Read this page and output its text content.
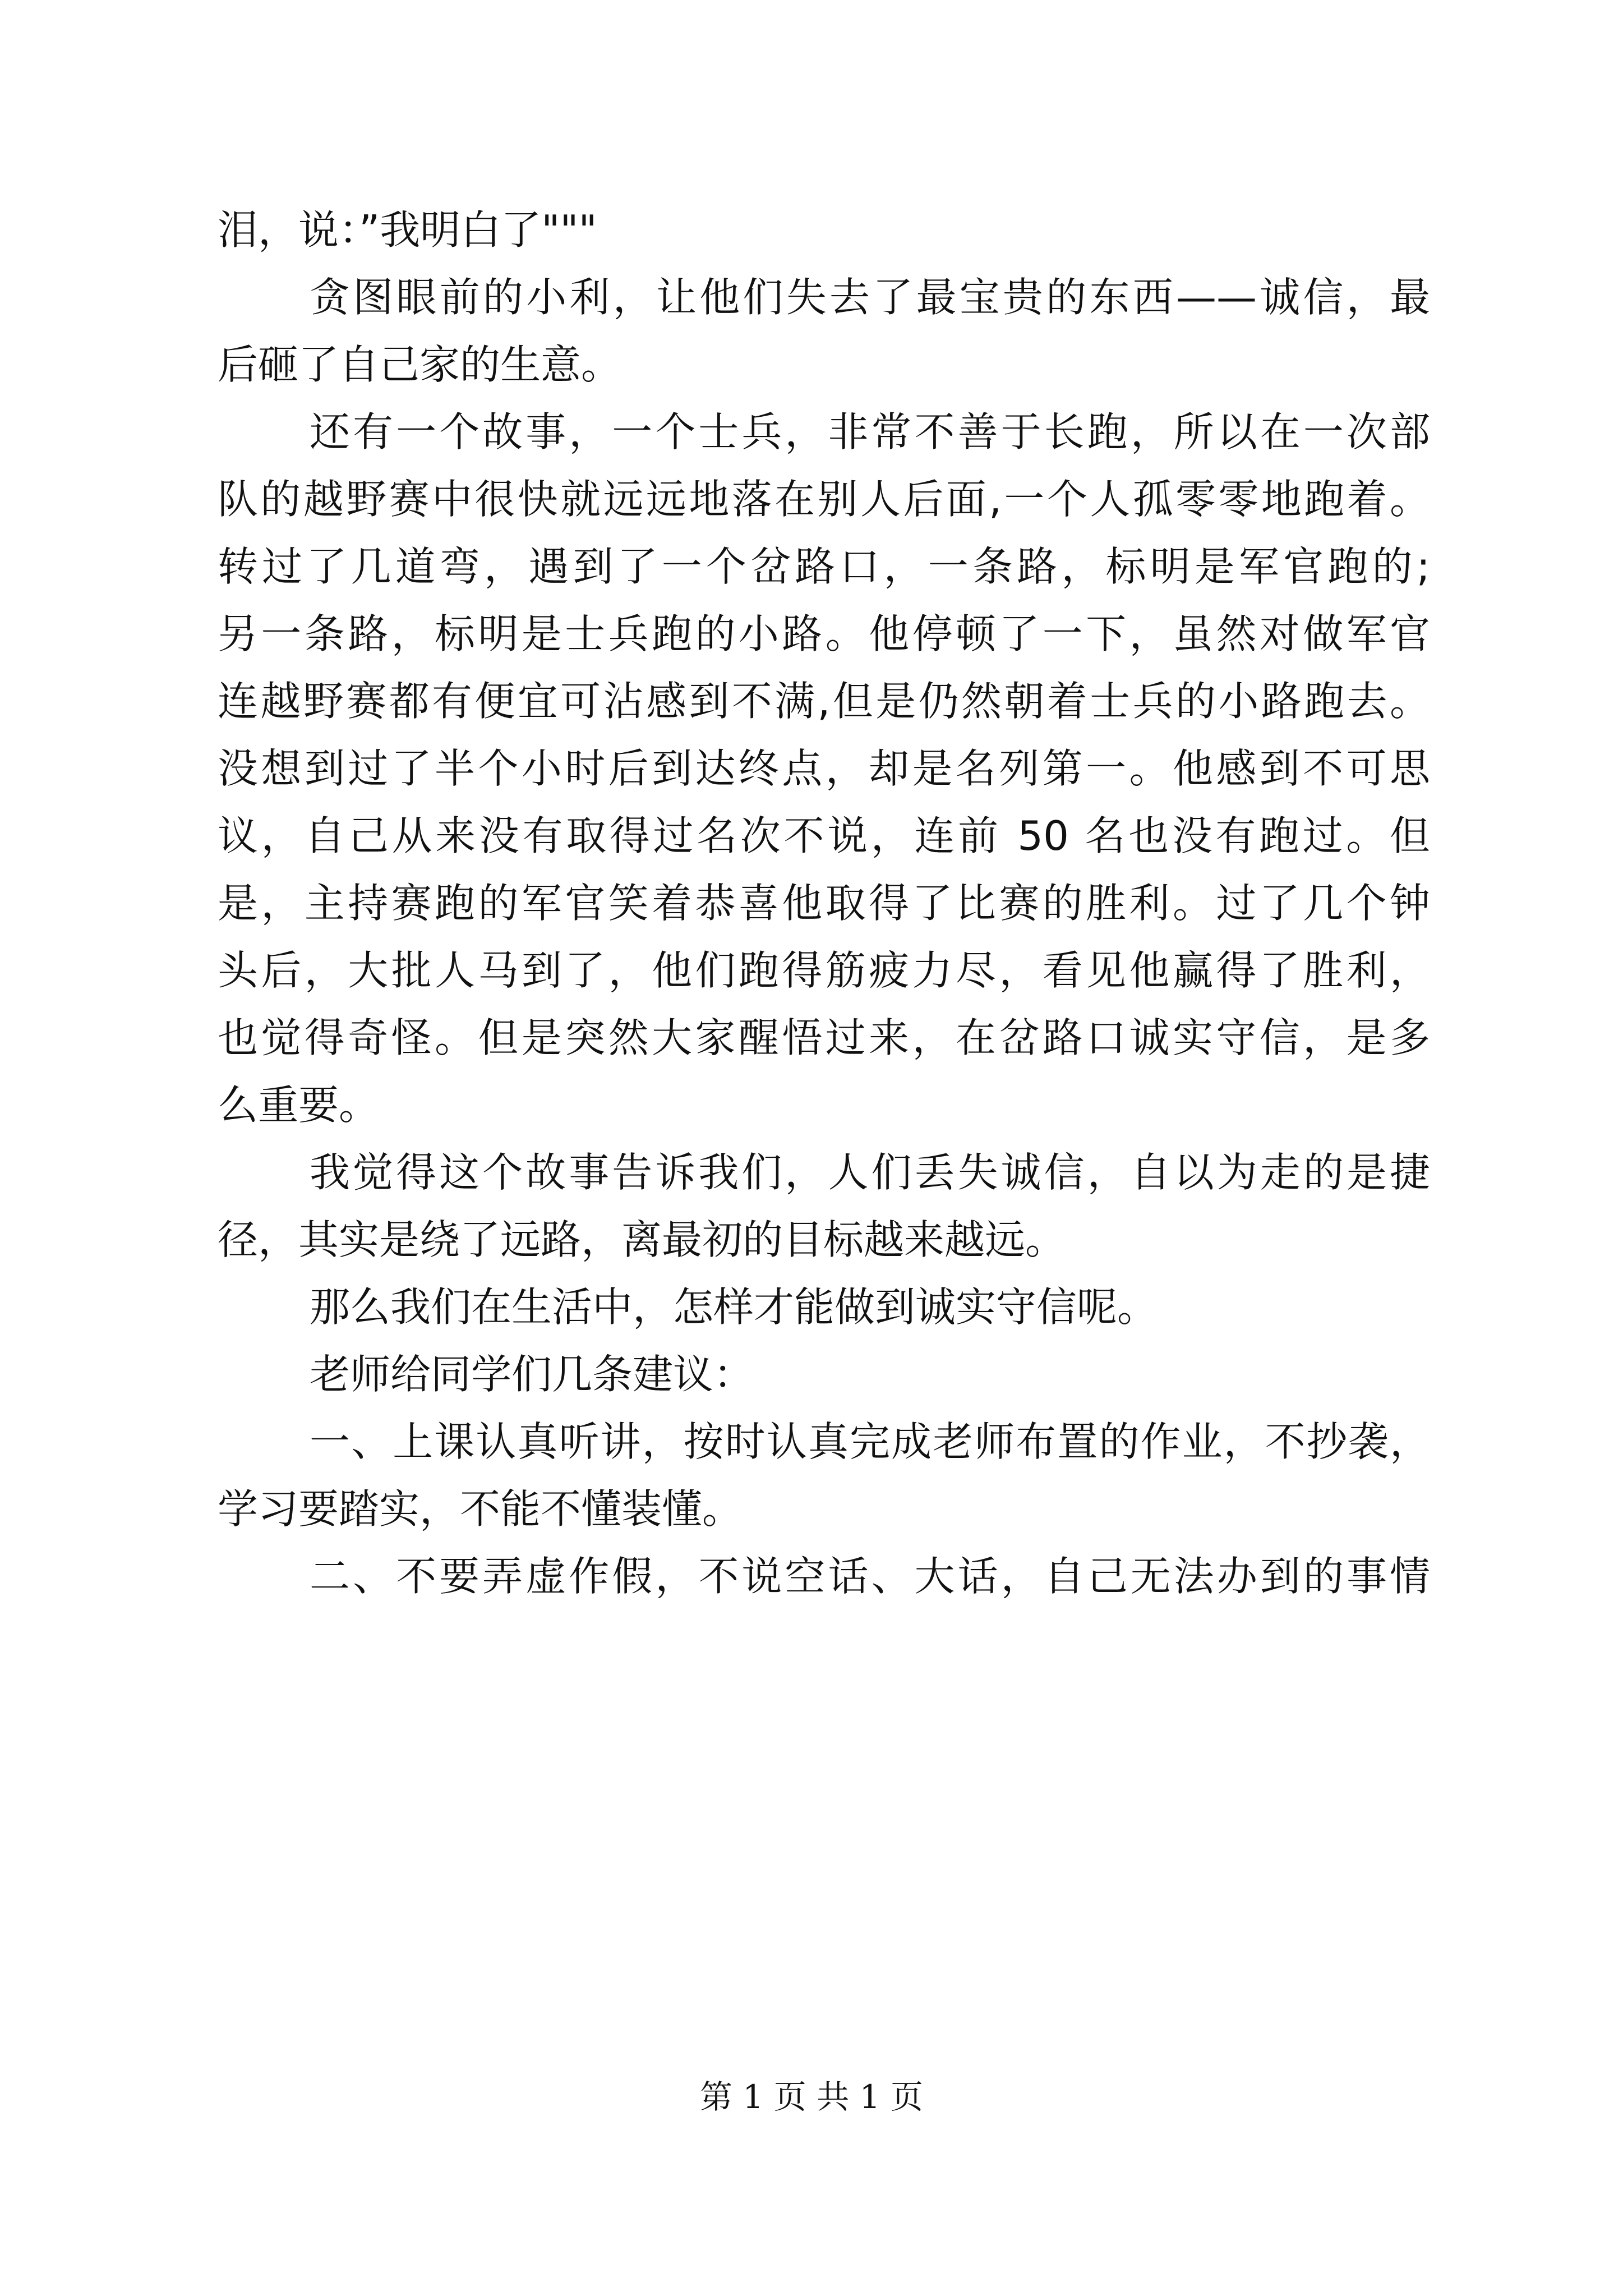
泪，说：”我明白了"""

贪图眼前的小利，让他们失去了最宝贵的东西——诚信，最

后砸了自己家的生意。

还有一个故事，一个士兵，非常不善于长跑，所以在一次部

队的越野赛中很快就远远地落在别人后面,一个人孤零零地跑着。

转过了几道弯，遇到了一个岔路口，一条路，标明是军官跑的;

另一条路，标明是士兵跑的小路。他停顿了一下，虽然对做军官

连越野赛都有便宜可沾感到不满,但是仍然朝着士兵的小路跑去。

没想到过了半个小时后到达终点，却是名列第一。他感到不可思

议，自己从来没有取得过名次不说，连前 50 名也没有跑过。但

是，主持赛跑的军官笑着恭喜他取得了比赛的胜利。过了几个钟

头后，大批人马到了，他们跑得筋疲力尽，看见他赢得了胜利，

也觉得奇怪。但是突然大家醒悟过来，在岔路口诚实守信，是多

么重要。

我觉得这个故事告诉我们，人们丢失诚信，自以为走的是捷

径，其实是绕了远路，离最初的目标越来越远。

那么我们在生活中，怎样才能做到诚实守信呢。

老师给同学们几条建议：

一、上课认真听讲，按时认真完成老师布置的作业，不抄袭，

学习要踏实，不能不懂装懂。

二、不要弄虚作假，不说空话、大话，自己无法办到的事情

第 1 页 共 1 页
